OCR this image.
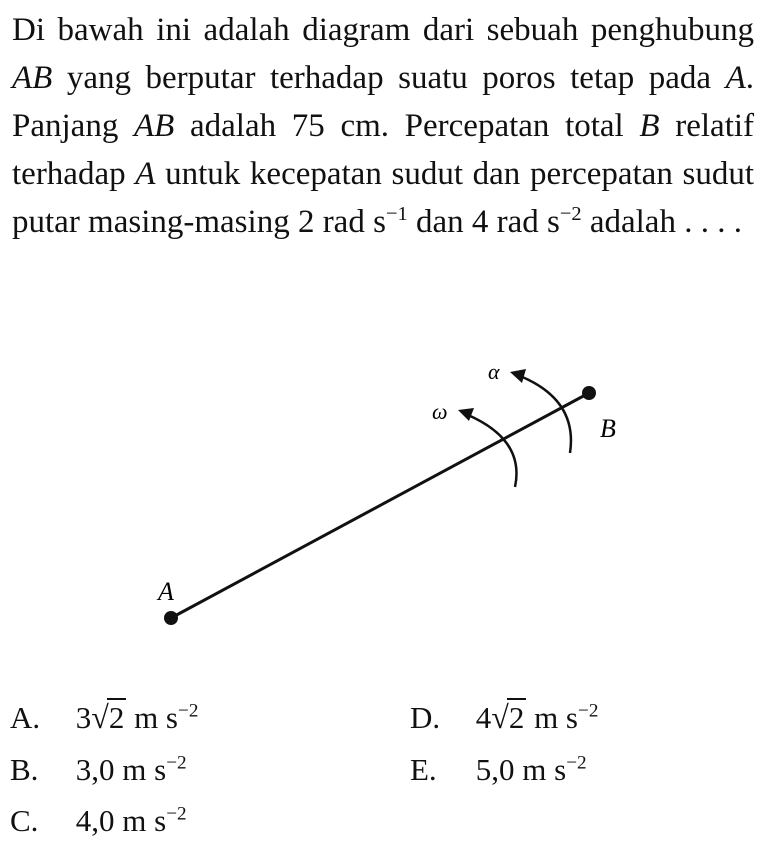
Di bawah ini adalah diagram dari sebuah penghubung AB yang berputar terhadap suatu poros tetap pada A. Panjang AB adalah 75 cm. Percepatan total B relatif terhadap A untuk kecepatan sudut dan percepatan sudut putar masing-masing 2 rad $s^{-1}$ dan 4 rad $s^{-2}$ adalah . . . .
A
B
ω
α
A. 3√2 m $s^{-2}$
B. 3,0 m $s^{-2}$
C. 4,0 m $s^{-2}$
D. 4√2 m $s^{-2}$
E. 5,0 m $s^{-2}$
